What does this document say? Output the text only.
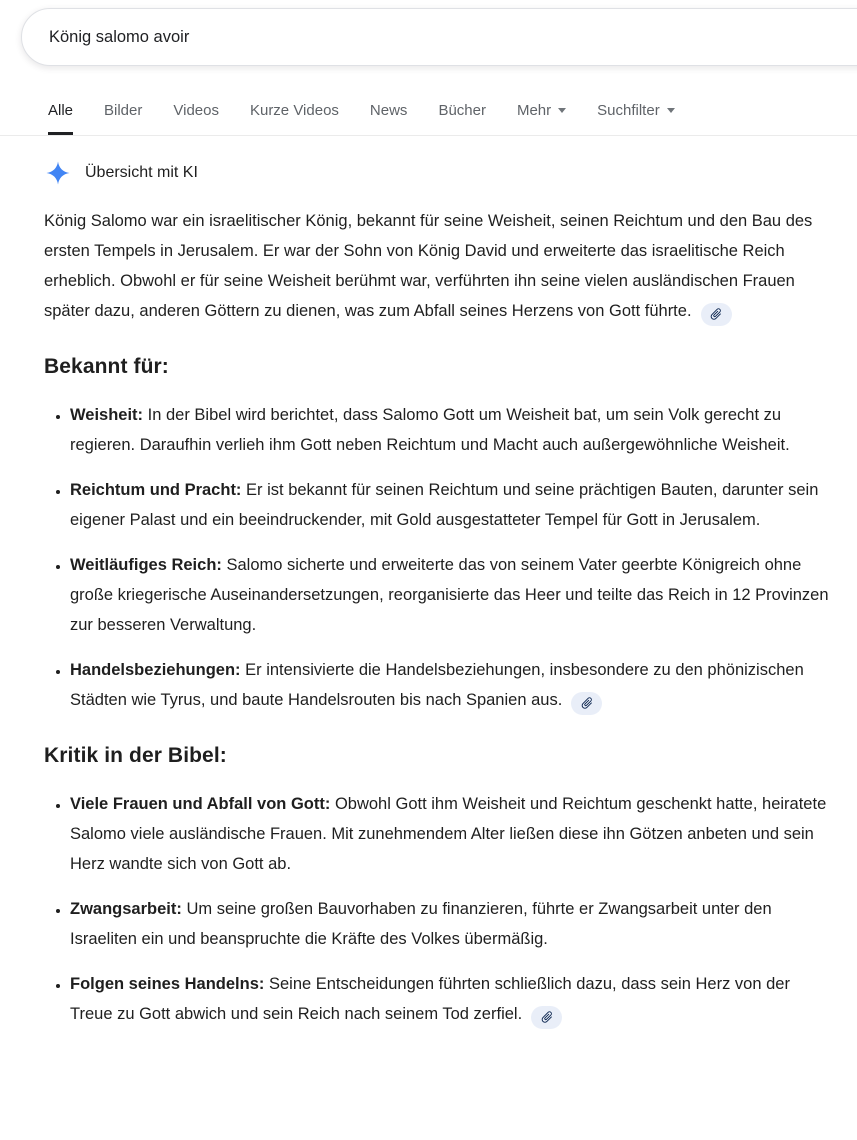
König salomo avoir
Alle Bilder Videos Kurze Videos News Bücher Mehr	Suchfilter
Übersicht mit KI

König Salomo war ein israelitischer König, bekannt für seine Weisheit, seinen Reichtum und den Bau des ersten Tempels in Jerusalem. Er war der Sohn von König David und erweiterte das israelitische Reich erheblich. Obwohl er für seine Weisheit berühmt war, verführten ihn seine vielen ausländischen Frauen später dazu, anderen Göttern zu dienen, was zum Abfall seines Herzens von Gott führte.

Bekannt für:
• Weisheit: In der Bibel wird berichtet, dass Salomo Gott um Weisheit bat, um sein Volk gerecht zu regieren. Daraufhin verlieh ihm Gott neben Reichtum und Macht auch außergewöhnliche Weisheit.
• Reichtum und Pracht: Er ist bekannt für seinen Reichtum und seine prächtigen Bauten, darunter sein eigener Palast und ein beeindruckender, mit Gold ausgestatteter Tempel für Gott in Jerusalem.
• Weitläufiges Reich: Salomo sicherte und erweiterte das von seinem Vater geerbte Königreich ohne große kriegerische Auseinandersetzungen, reorganisierte das Heer und teilte das Reich in 12 Provinzen zur besseren Verwaltung.
• Handelsbeziehungen: Er intensivierte die Handelsbeziehungen, insbesondere zu den phönizischen Städten wie Tyrus, und baute Handelsrouten bis nach Spanien aus.
Kritik in der Bibel:
• Viele Frauen und Abfall von Gott: Obwohl Gott ihm Weisheit und Reichtum geschenkt hatte, heiratete Salomo viele ausländische Frauen. Mit zunehmendem Alter ließen diese ihn Götzen anbeten und sein Herz wandte sich von Gott ab.
• Zwangsarbeit: Um seine großen Bauvorhaben zu finanzieren, führte er Zwangsarbeit unter den Israeliten ein und beanspruchte die Kräfte des Volkes übermäßig.
• Folgen seines Handelns: Seine Entscheidungen führten schließlich dazu, dass sein Herz von der Treue zu Gott abwich und sein Reich nach seinem Tod zerfiel.
